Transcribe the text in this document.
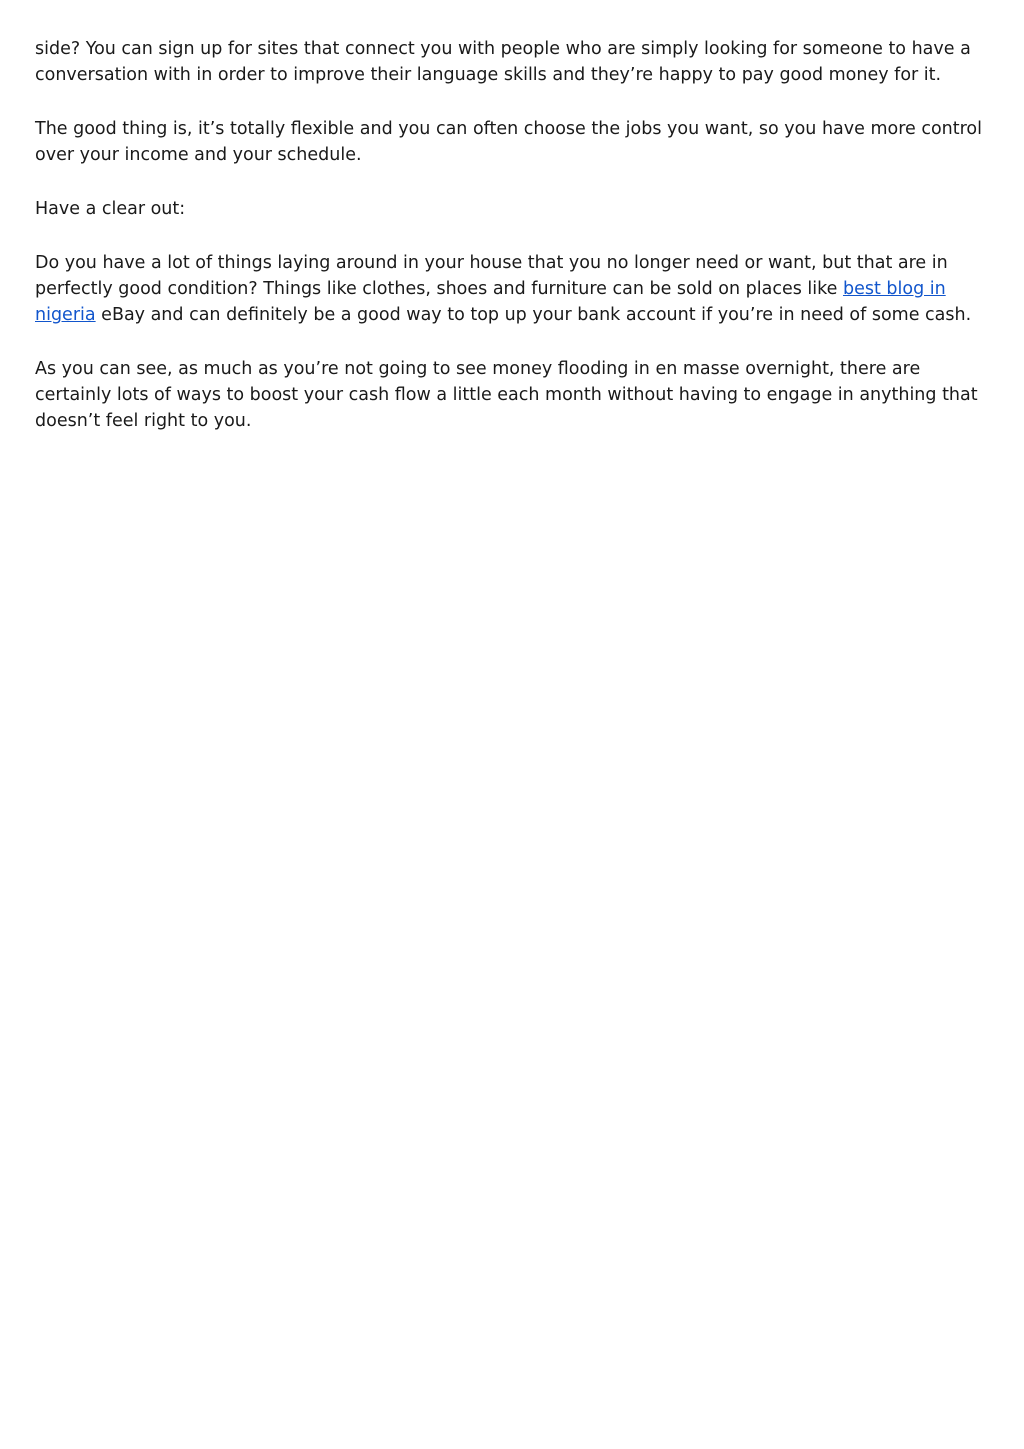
side? You can sign up for sites that connect you with people who are simply looking for someone to have a conversation with in order to improve their language skills and they’re happy to pay good money for it.

The good thing is, it’s totally flexible and you can often choose the jobs you want, so you have more control over your income and your schedule.

Have a clear out:

Do you have a lot of things laying around in your house that you no longer need or want, but that are in perfectly good condition? Things like clothes, shoes and furniture can be sold on places like best blog in nigeria eBay and can definitely be a good way to top up your bank account if you’re in need of some cash.

As you can see, as much as you’re not going to see money flooding in en masse overnight, there are certainly lots of ways to boost your cash flow a little each month without having to engage in anything that doesn’t feel right to you.
